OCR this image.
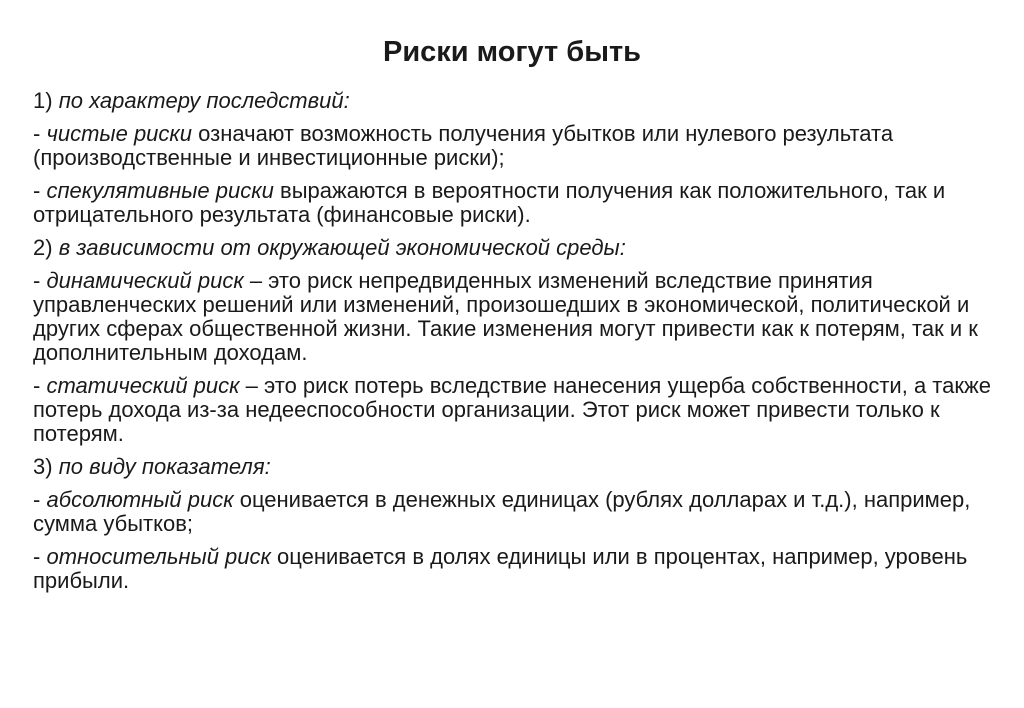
Риски могут быть

1) по характеру последствий:

- чистые риски означают возможность получения убытков или нулевого результата (производственные и инвестиционные риски);

- спекулятивные риски выражаются в вероятности получения как положительного, так и отрицательного результата (финансовые риски).

2) в зависимости от окружающей экономической среды:

- динамический риск – это риск непредвиденных изменений вследствие принятия управленческих решений или изменений, произошедших в экономической, политической и других сферах общественной жизни. Такие изменения могут привести как к потерям, так и к дополнительным доходам.

- статический риск – это риск потерь вследствие нанесения ущерба собственности, а также потерь дохода из-за недееспособности организации. Этот риск может привести только к потерям.

3) по виду показателя:

- абсолютный риск оценивается в денежных единицах (рублях долларах и т.д.), например, сумма убытков;

- относительный риск оценивается в долях единицы или в процентах, например, уровень прибыли.
